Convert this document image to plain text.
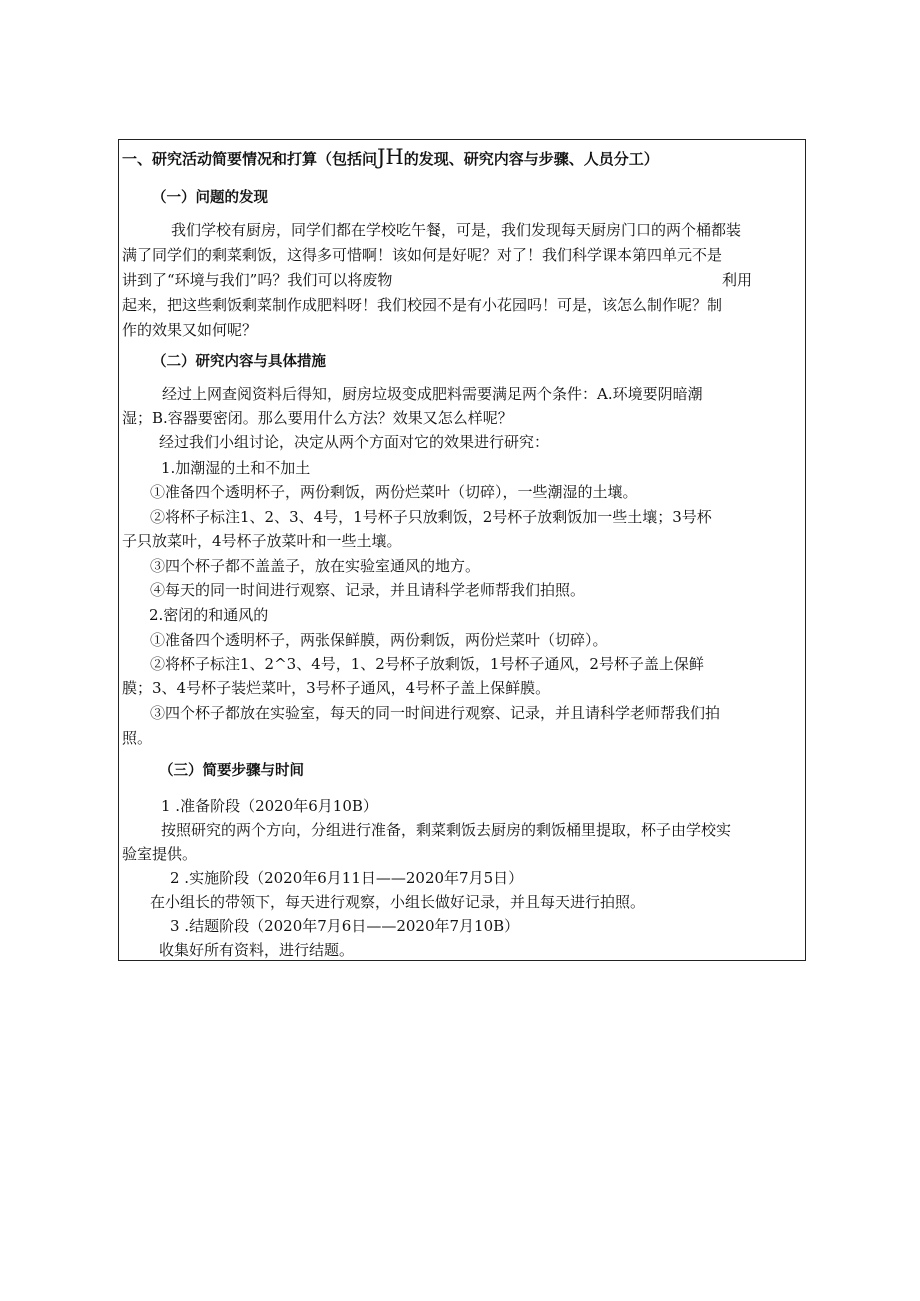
一、研究活动简要情况和打算（包括问JH的发现、研究内容与步骤、人员分工）
（一）问题的发现
我们学校有厨房，同学们都在学校吃午餐，可是，我们发现每天厨房门口的两个桶都装
满了同学们的剩菜剩饭，这得多可惜啊！该如何是好呢？对了！我们科学课本第四单元不是
讲到了“环境与我们”吗？我们可以将废物	利用
起来，把这些剩饭剩菜制作成肥料呀！我们校园不是有小花园吗！可是，该怎么制作呢？制
作的效果又如何呢？
（二）研究内容与具体措施
经过上网查阅资料后得知，厨房垃圾变成肥料需要满足两个条件：A.环境要阴暗潮
湿；B.容器要密闭。那么要用什么方法？效果又怎么样呢？
经过我们小组讨论，决定从两个方面对它的效果进行研究：
1.加潮湿的土和不加土
①准备四个透明杯子，两份剩饭，两份烂菜叶（切碎），一些潮湿的土壤。
②将杯子标注1、2、3、4号，1号杯子只放剩饭，2号杯子放剩饭加一些土壤；3号杯
子只放菜叶，4号杯子放菜叶和一些土壤。
③四个杯子都不盖盖子，放在实验室通风的地方。
④每天的同一时间进行观察、记录，并且请科学老师帮我们拍照。
2.密闭的和通风的
①准备四个透明杯子，两张保鲜膜，两份剩饭，两份烂菜叶（切碎）。
②将杯子标注1、2^3、4号，1、2号杯子放剩饭，1号杯子通风，2号杯子盖上保鲜
膜；3、4号杯子装烂菜叶，3号杯子通风，4号杯子盖上保鲜膜。
③四个杯子都放在实验室，每天的同一时间进行观察、记录，并且请科学老师帮我们拍
照。
（三）简要步骤与时间
1 .准备阶段（2020年6月10B）
按照研究的两个方向，分组进行准备，剩菜剩饭去厨房的剩饭桶里提取，杯子由学校实
验室提供。
2 .实施阶段（2020年6月11日——2020年7月5日）
在小组长的带领下，每天进行观察，小组长做好记录，并且每天进行拍照。
3 .结题阶段（2020年7月6日——2020年7月10B）
收集好所有资料，进行结题。
